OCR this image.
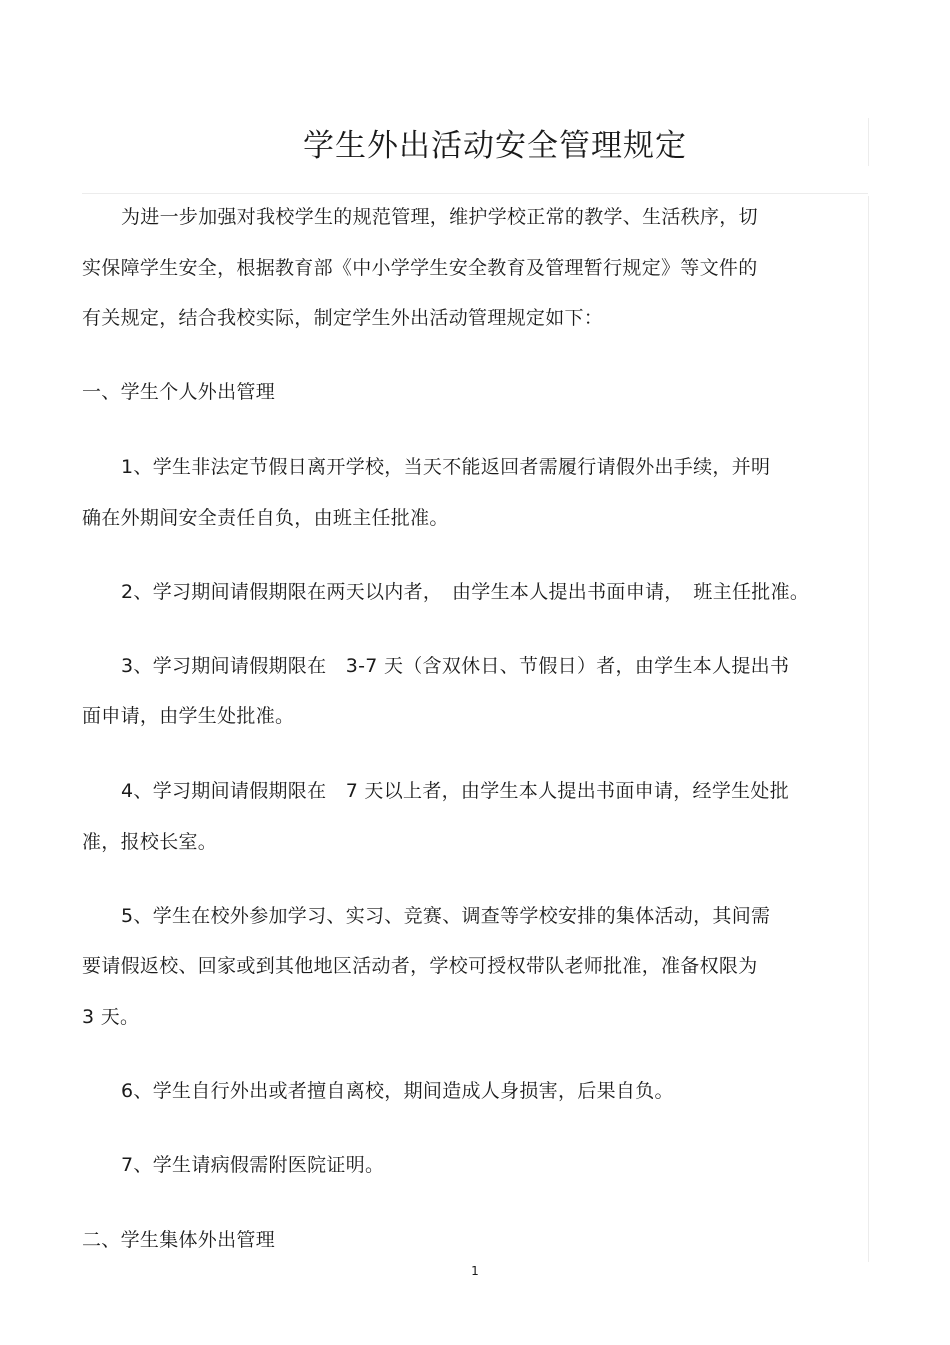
学生外出活动安全管理规定
为进一步加强对我校学生的规范管理，维护学校正常的教学、生活秩序，切
实保障学生安全，根据教育部《中小学学生安全教育及管理暂行规定》等文件的
有关规定，结合我校实际，制定学生外出活动管理规定如下：
一、学生个人外出管理
1、学生非法定节假日离开学校，当天不能返回者需履行请假外出手续，并明
确在外期间安全责任自负，由班主任批准。
2、学习期间请假期限在两天以内者，　由学生本人提出书面申请，　班主任批准。
3、学习期间请假期限在　3-7 天（含双休日、节假日）者，由学生本人提出书
面申请，由学生处批准。
4、学习期间请假期限在　7 天以上者，由学生本人提出书面申请，经学生处批
准，报校长室。
5、学生在校外参加学习、实习、竞赛、调查等学校安排的集体活动，其间需
要请假返校、回家或到其他地区活动者，学校可授权带队老师批准，准备权限为
3 天。
6、学生自行外出或者擅自离校，期间造成人身损害，后果自负。
7、学生请病假需附医院证明。
二、学生集体外出管理
1
